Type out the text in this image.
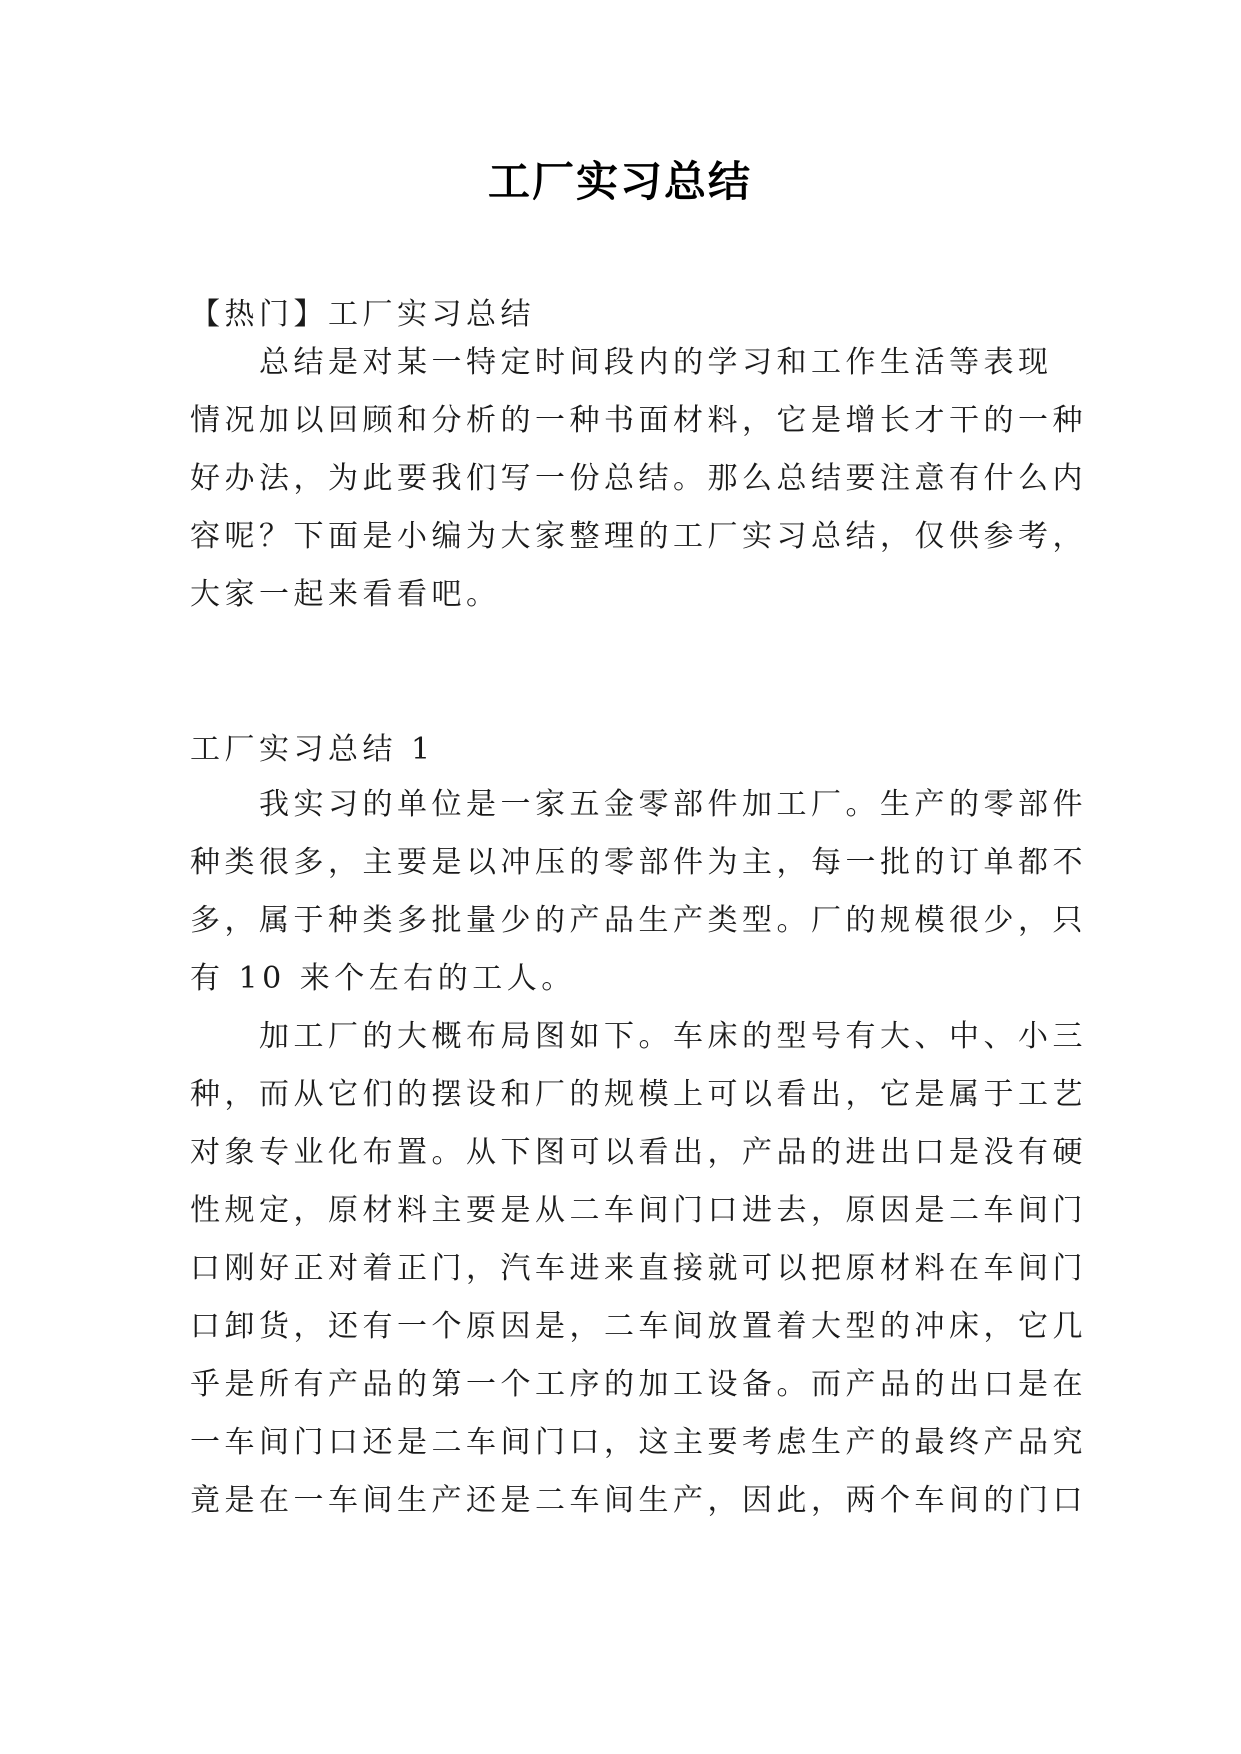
工厂实习总结

【热门】工厂实习总结

　　总结是对某一特定时间段内的学习和工作生活等表现
情况加以回顾和分析的一种书面材料，它是增长才干的一种
好办法，为此要我们写一份总结。那么总结要注意有什么内
容呢？下面是小编为大家整理的工厂实习总结，仅供参考，
大家一起来看看吧。

工厂实习总结 1

　　我实习的单位是一家五金零部件加工厂。生产的零部件
种类很多，主要是以冲压的零部件为主，每一批的订单都不
多，属于种类多批量少的产品生产类型。厂的规模很少，只
有 10 来个左右的工人。

　　加工厂的大概布局图如下。车床的型号有大、中、小三
种，而从它们的摆设和厂的规模上可以看出，它是属于工艺
对象专业化布置。从下图可以看出，产品的进出口是没有硬
性规定，原材料主要是从二车间门口进去，原因是二车间门
口刚好正对着正门，汽车进来直接就可以把原材料在车间门
口卸货，还有一个原因是，二车间放置着大型的冲床，它几
乎是所有产品的第一个工序的加工设备。而产品的出口是在
一车间门口还是二车间门口，这主要考虑生产的最终产品究
竟是在一车间生产还是二车间生产，因此，两个车间的门口
